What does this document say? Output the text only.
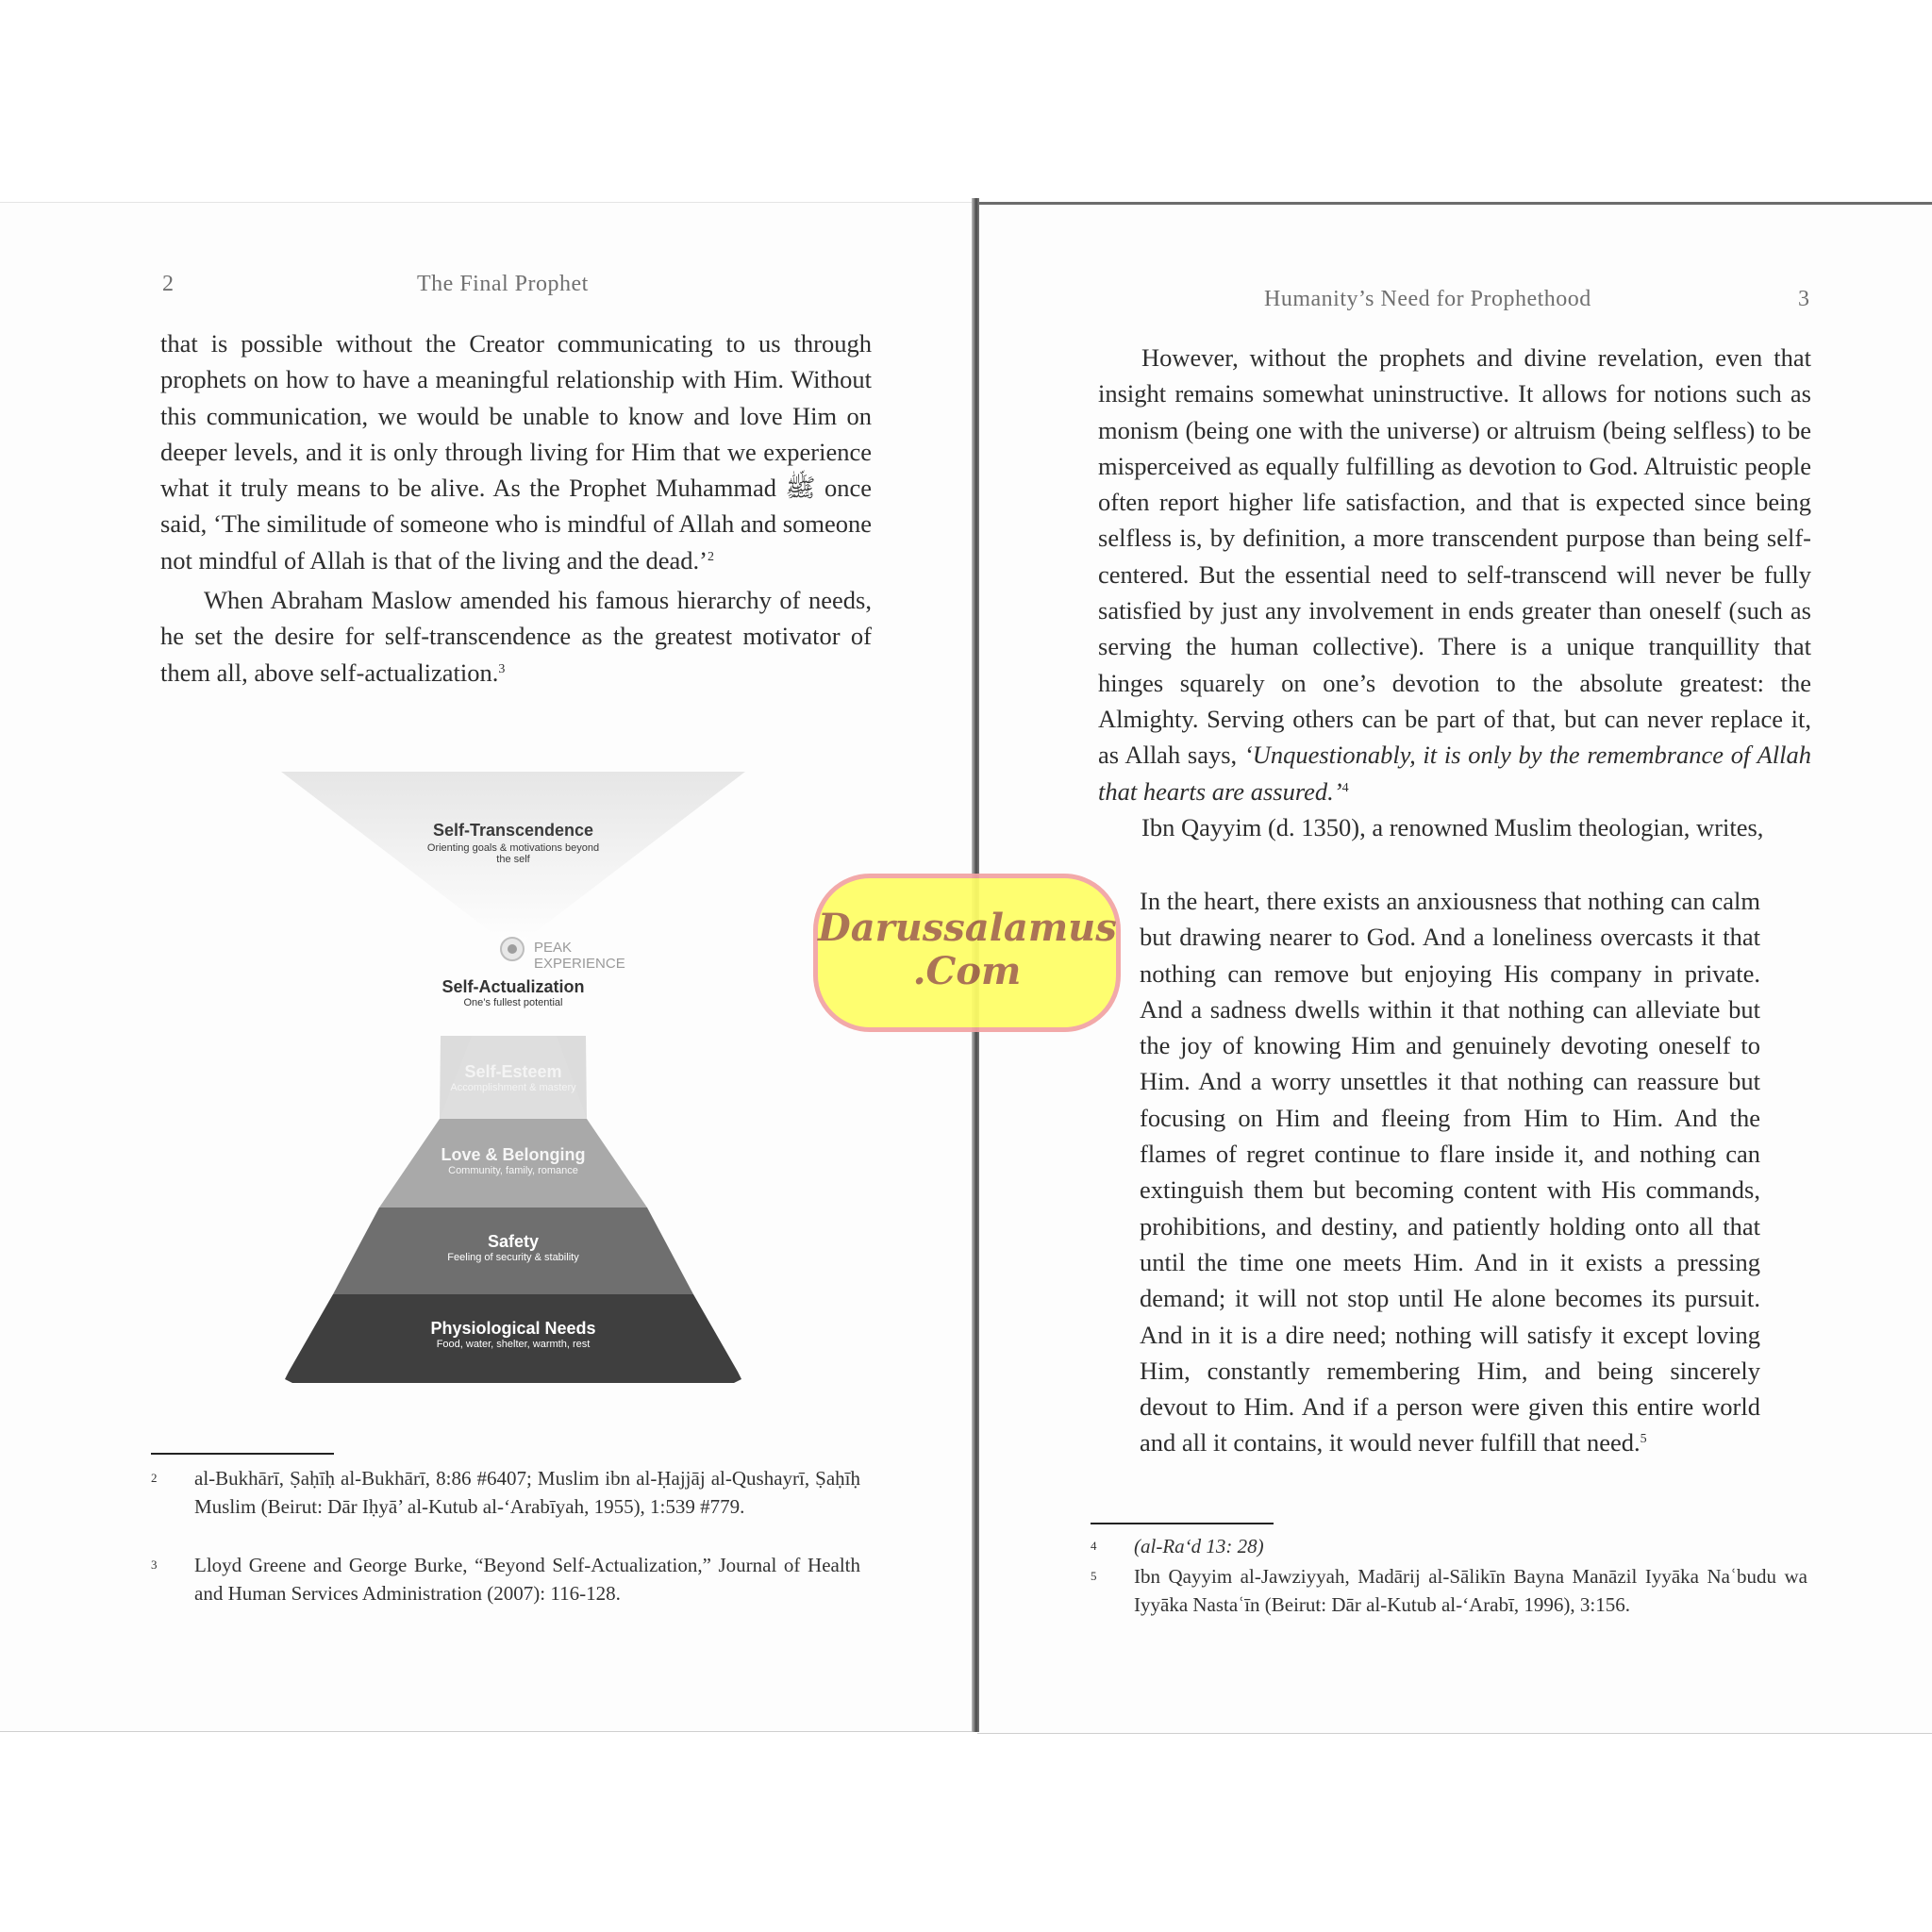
2	The Final Prophet

that is possible without the Creator communicating to us through prophets on how to have a meaningful relationship with Him. Without this communication, we would be unable to know and love Him on deeper levels, and it is only through living for Him that we experience what it truly means to be alive. As the Prophet Muhammad ﷺ once said, ‘The similitude of someone who is mindful of Allah and someone not mindful of Allah is that of the living and the dead.’$^2$

When Abraham Maslow amended his famous hierarchy of needs, he set the desire for self-transcendence as the greatest motivator of them all, above self-actualization.$^3$

Self-Transcendence
Orienting goals & motivations beyond the self
PEAK EXPERIENCE
Self-Actualization
One’s fullest potential
Self-Esteem
Accomplishment & mastery
Love & Belonging
Community, family, romance
Safety
Feeling of security & stability
Physiological Needs
Food, water, shelter, warmth, rest
2 al-Bukhārī, Ṣaḥīḥ al-Bukhārī, 8:86 #6407; Muslim ibn al-Ḥajjāj al-Qushayrī, Ṣaḥīḥ Muslim (Beirut: Dār Iḥyā’ al-Kutub al-‘Arabīyah, 1955), 1:539 #779.

3 Lloyd Greene and George Burke, “Beyond Self-Actualization,” Journal of Health and Human Services Administration (2007): 116-128.

Humanity’s Need for Prophethood	3

However, without the prophets and divine revelation, even that insight remains somewhat uninstructive. It allows for notions such as monism (being one with the universe) or altruism (being selfless) to be misperceived as equally fulfilling as devotion to God. Altruistic people often report higher life satisfaction, and that is expected since being selfless is, by definition, a more transcendent purpose than being self-centered. But the essential need to self-transcend will never be fully satisfied by just any involvement in ends greater than oneself (such as serving the human collective). There is a unique tranquillity that hinges squarely on one’s devotion to the absolute greatest: the Almighty. Serving others can be part of that, but can never replace it, as Allah says, ‘Unquestionably, it is only by the remembrance of Allah that hearts are assured.’$^4$

Ibn Qayyim (d. 1350), a renowned Muslim theologian, writes,

In the heart, there exists an anxiousness that nothing can calm but drawing nearer to God. And a loneliness overcasts it that nothing can remove but enjoying His company in private. And a sadness dwells within it that nothing can alleviate but the joy of knowing Him and genuinely devoting oneself to Him. And a worry unsettles it that nothing can reassure but focusing on Him and fleeing from Him to Him. And the flames of regret continue to flare inside it, and nothing can extinguish them but becoming content with His commands, prohibitions, and destiny, and patiently holding onto all that until the time one meets Him. And in it exists a pressing demand; it will not stop until He alone becomes its pursuit. And in it is a dire need; nothing will satisfy it except loving Him, constantly remembering Him, and being sincerely devout to Him. And if a person were given this entire world and all it contains, it would never fulfill that need.$^5$

4 (al-Ra‘d 13: 28)

5 Ibn Qayyim al-Jawziyyah, Madārij al-Sālikīn Bayna Manāzil Iyyāka Naʿbudu wa Iyyāka Nastaʿīn (Beirut: Dār al-Kutub al-‘Arabī, 1996), 3:156.

Darussalamus
.Com
